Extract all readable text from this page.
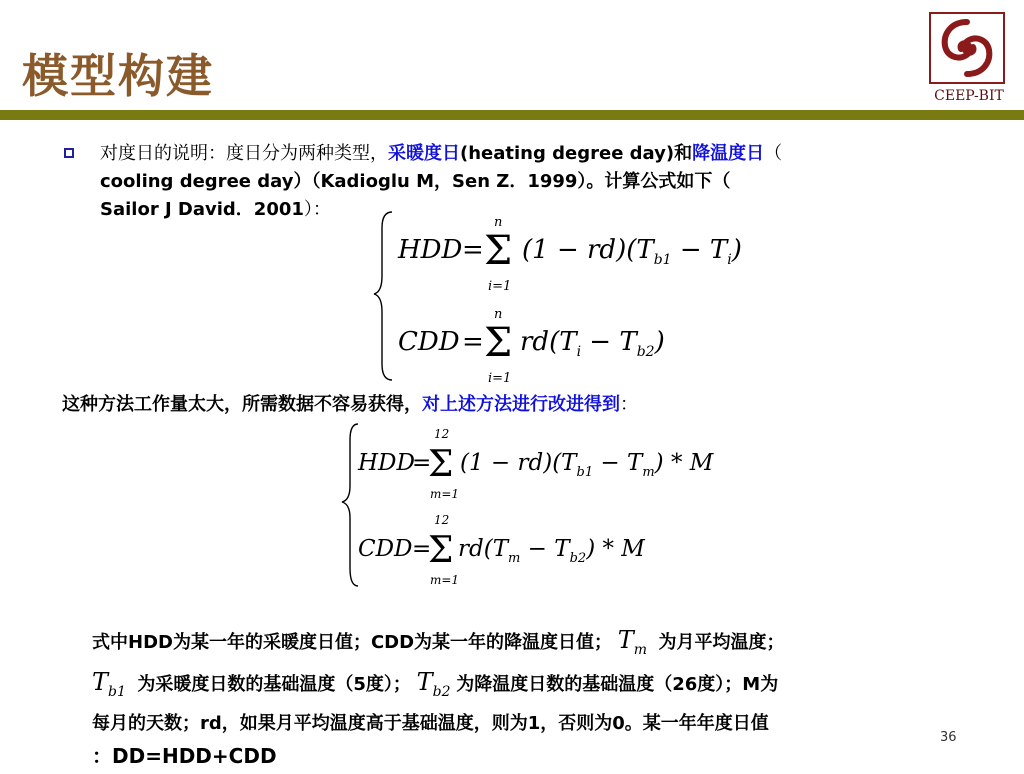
模型构建	CEEP-BIT
对度日的说明：度日分为两种类型，采暖度日(heating degree day)和降温度日（
cooling degree day）（Kadioglu M，Sen Z．1999）。计算公式如下（
Sailor J David．2001）：
HDD = Σ
n
i=1
$(1 - rd)(T_{b1} - T_i)$
CDD = Σ
n
i=1
$rd(T_i - T_{b2})$
这种方法工作量太大，所需数据不容易获得，对上述方法进行改进得到：
HDD
=
Σ
12
m=1
$(1 - rd)(T_{b1} - T_m) * M$
CDD =
Σ
12
m=1
$rd(T_m - T_{b2}) * M$
式中HDD为某一年的采暖度日值；CDD为某一年的降温度日值； $T_m$ 为月平均温度；
$T_{b1}$ 为采暖度日数的基础温度（5度）； $T_{b2}$ 为降温度日数的基础温度（26度）；M为
每月的天数；rd，如果月平均温度高于基础温度，则为1，否则为0。某一年年度日值
：DD=HDD+CDD
36
